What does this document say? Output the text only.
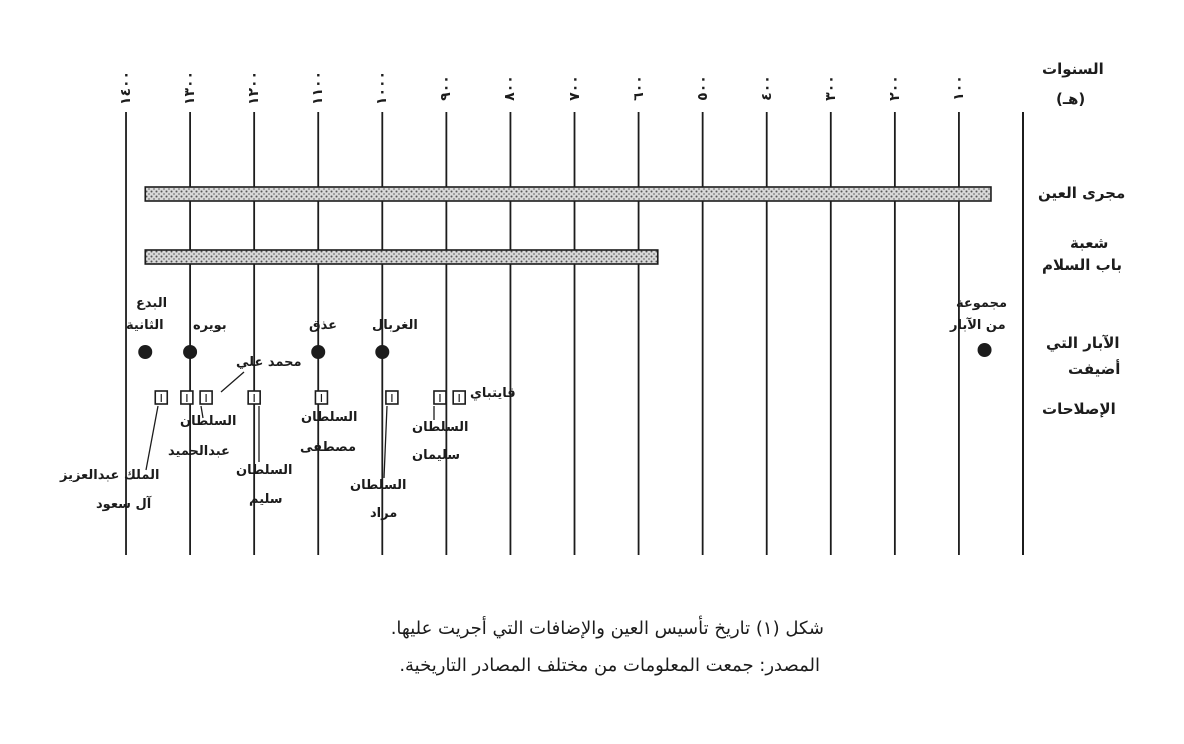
١٤٠٠	١٣٠٠	١٢٠٠	١١٠٠	١٠٠٠	٩٠٠	٨٠٠	٧٠٠	٦٠٠	٥٠٠	٤٠٠	٣٠٠	٢٠٠	١٠٠
السنوات
(هـ)
مجرى العين
شعبة
باب السلام
الآبار التي
أضيفت
الإصلاحات
البدع
الثانية بويره	عذق	الغربال
مجموعة
من الآبار
الملك عبدالعزيز
آل سعود
السلطان
عبدالحميد
محمد علي
السلطان
سليم
السلطان
مصطفى
السلطان
مراد
السلطان
سليمان
قايتباي
شكل (١) تاريخ تأسيس العين والإضافات التي أجريت عليها.
المصدر: جمعت المعلومات من مختلف المصادر التاريخية.
